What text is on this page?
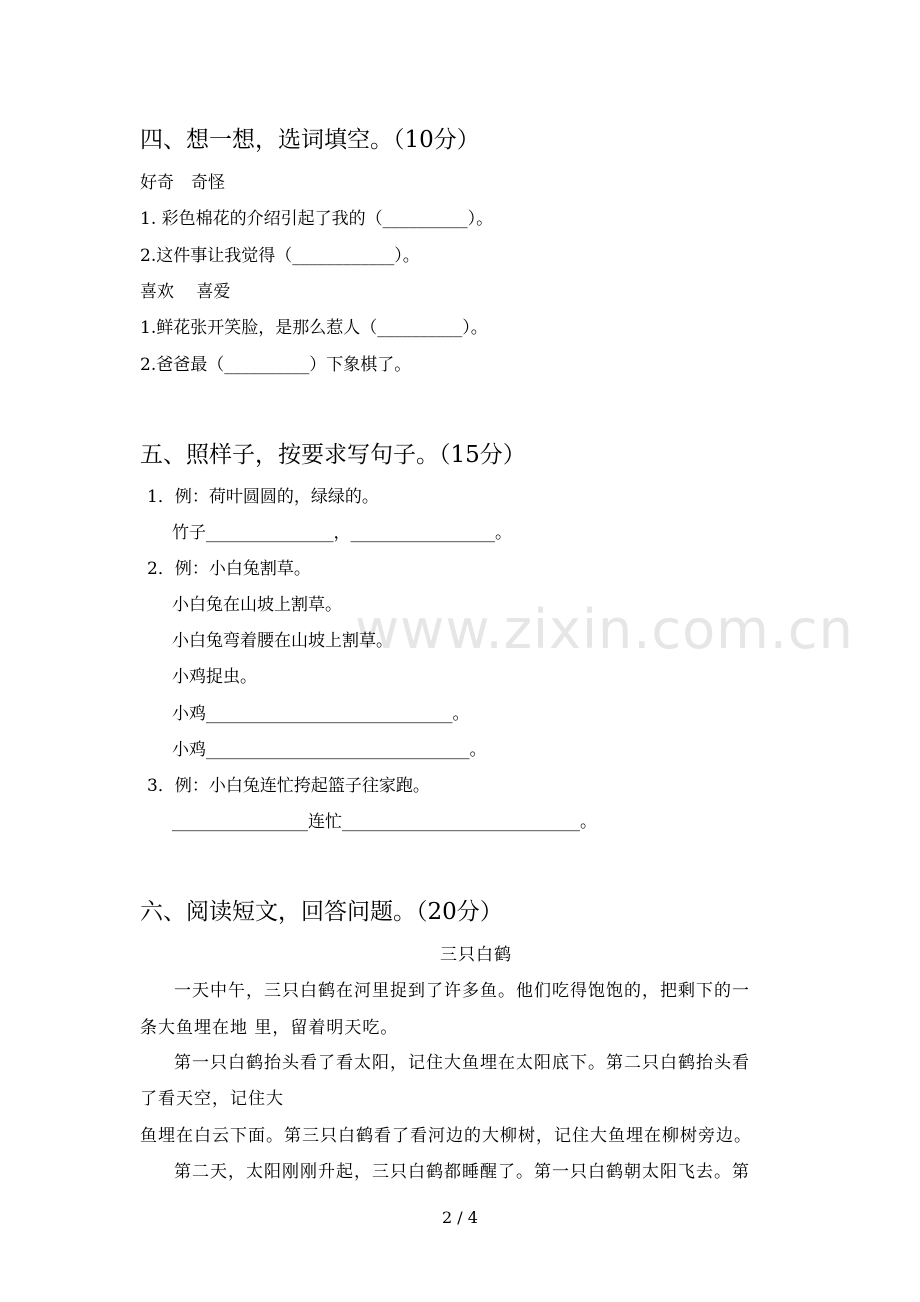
www.zixin.com.cn
四、想一想，选词填空。（10分）
好奇　奇怪
1. 彩色棉花的介绍引起了我的（__________）。
2.这件事让我觉得（____________）。
喜欢　 喜爱
1.鲜花张开笑脸，是那么惹人（__________）。
2.爸爸最（__________）下象棋了。
五、照样子，按要求写句子。（15分）
1．例：荷叶圆圆的，绿绿的。
竹子_______________，_________________。
2．例：小白兔割草。
小白兔在山坡上割草。
小白兔弯着腰在山坡上割草。
小鸡捉虫。
小鸡_____________________________。
小鸡_______________________________。
3．例：小白兔连忙挎起篮子往家跑。
________________连忙____________________________。
六、阅读短文，回答问题。（20分）
三只白鹤
一天中午，三只白鹤在河里捉到了许多鱼。他们吃得饱饱的，把剩下的一
条大鱼埋在地 里，留着明天吃。
第一只白鹤抬头看了看太阳，记住大鱼埋在太阳底下。第二只白鹤抬头看
了看天空，记住大
鱼埋在白云下面。第三只白鹤看了看河边的大柳树，记住大鱼埋在柳树旁边。
第二天，太阳刚刚升起，三只白鹤都睡醒了。第一只白鹤朝太阳飞去。第
2 / 4
